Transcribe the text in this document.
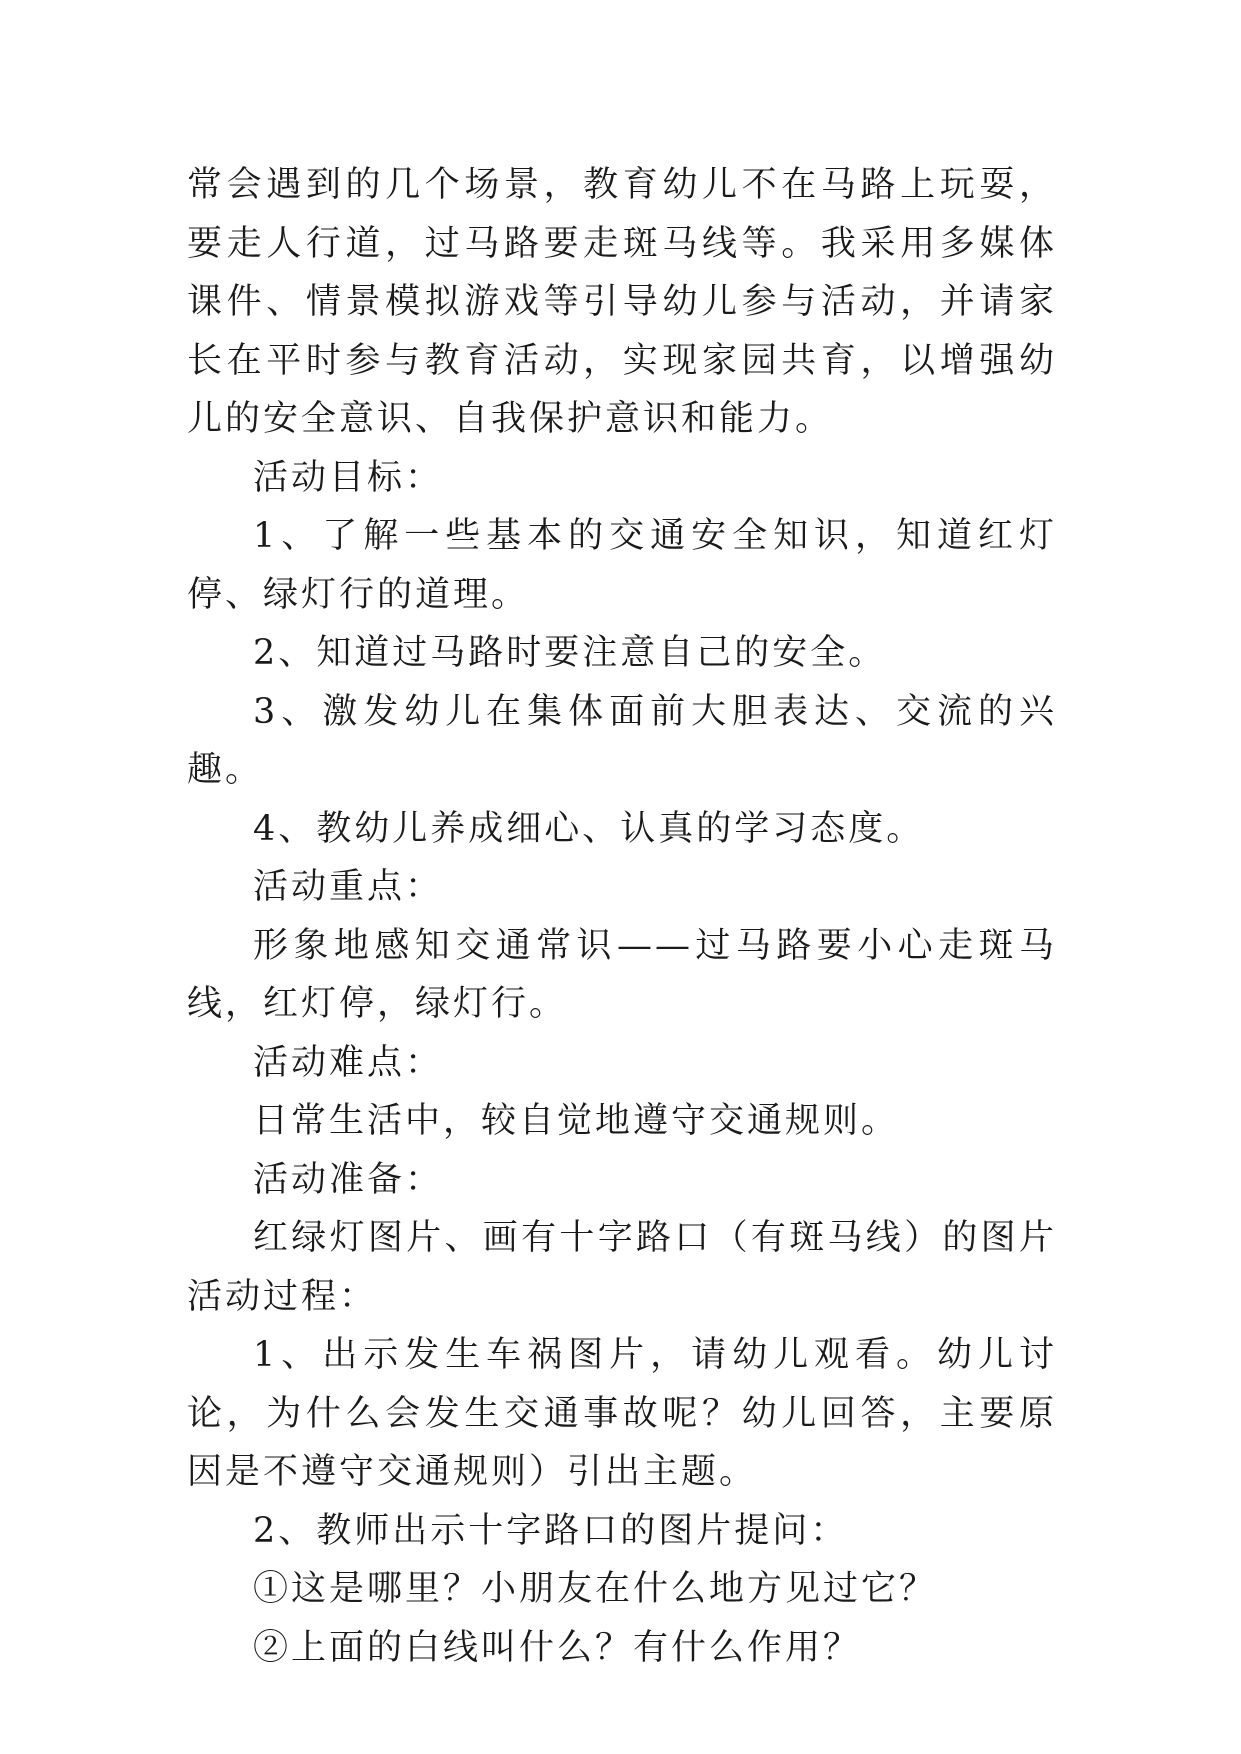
常会遇到的几个场景，教育幼儿不在马路上玩耍，要走人行道，过马路要走斑马线等。我采用多媒体课件、情景模拟游戏等引导幼儿参与活动，并请家长在平时参与教育活动，实现家园共育，以增强幼儿的安全意识、自我保护意识和能力。

活动目标：

1、了解一些基本的交通安全知识，知道红灯停、绿灯行的道理。

2、知道过马路时要注意自己的安全。

3、激发幼儿在集体面前大胆表达、交流的兴趣。

4、教幼儿养成细心、认真的学习态度。

活动重点：

形象地感知交通常识——过马路要小心走斑马线，红灯停，绿灯行。

活动难点：

日常生活中，较自觉地遵守交通规则。

活动准备：

红绿灯图片、画有十字路口（有斑马线）的图片活动过程：

1、出示发生车祸图片，请幼儿观看。幼儿讨论，为什么会发生交通事故呢？幼儿回答，主要原因是不遵守交通规则）引出主题。

2、教师出示十字路口的图片提问：

①这是哪里？小朋友在什么地方见过它？

②上面的白线叫什么？有什么作用？
